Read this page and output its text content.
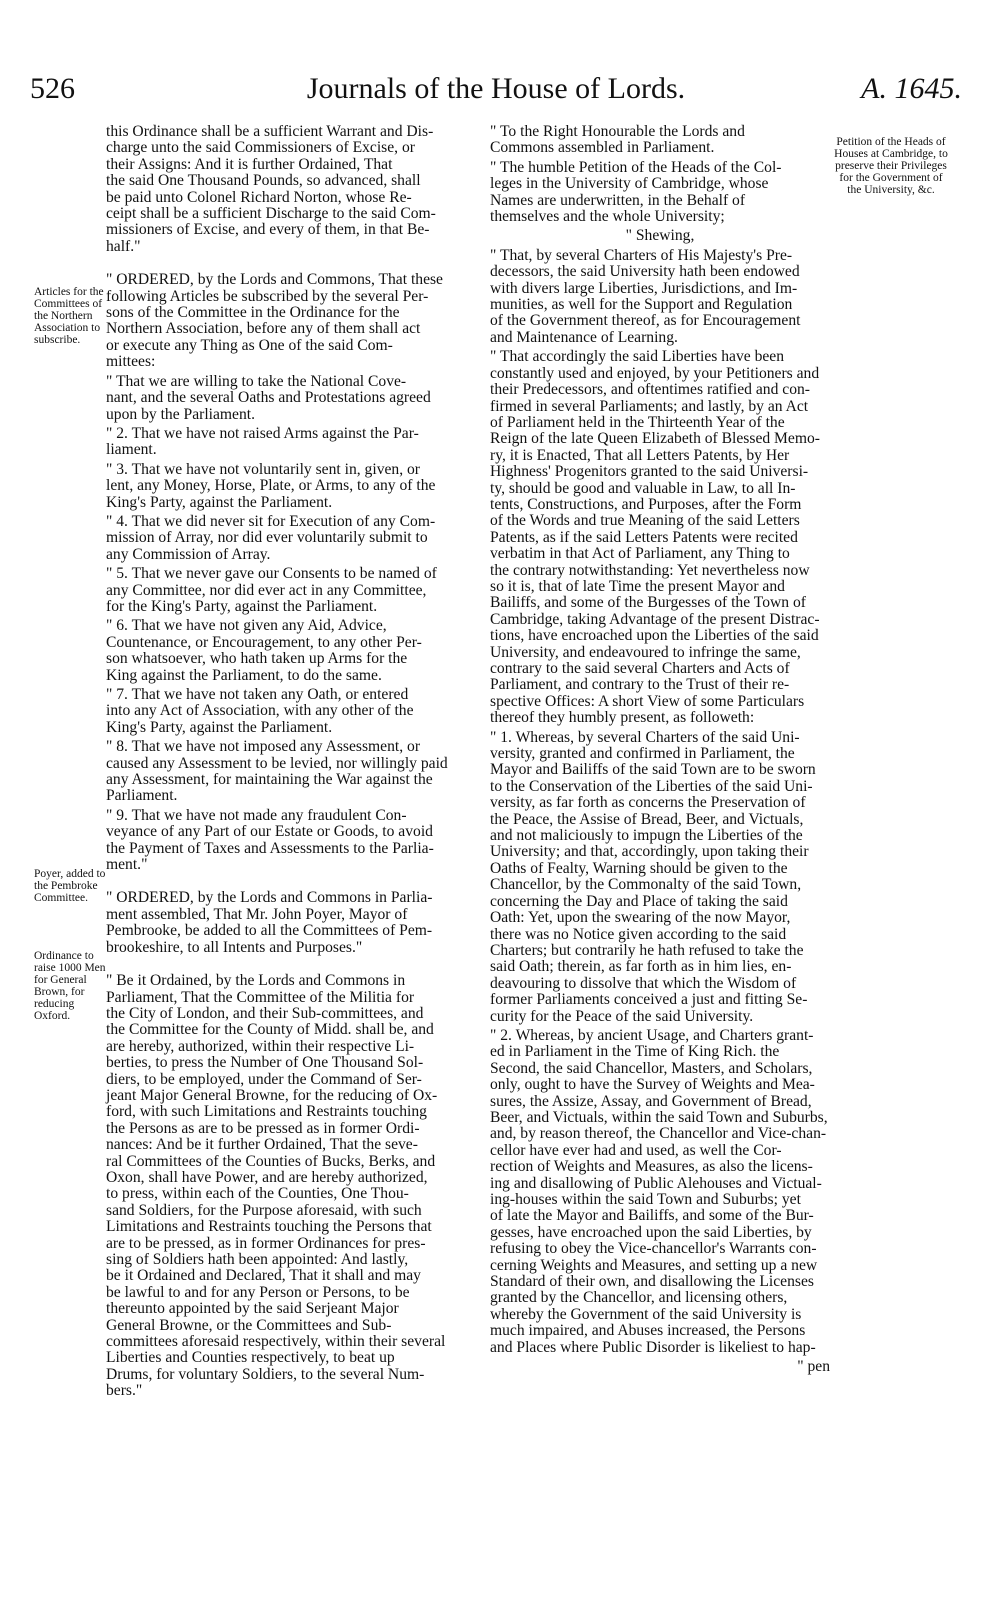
526	Journals of the House of Lords.	A. 1645.
Articles for the Committees of the Northern Association to subscribe.
Poyer, added to the Pembroke Committee.
Ordinance to raise 1000 Men for General Brown, for reducing Oxford.
Petition of the Heads of Houses at Cambridge, to preserve their Privileges for the Government of the University, &c.

this Ordinance shall be a sufficient Warrant and Dis-
charge unto the said Commissioners of Excise, or
their Assigns: And it is further Ordained, That
the said One Thousand Pounds, so advanced, shall
be paid unto Colonel Richard Norton, whose Re-
ceipt shall be a sufficient Discharge to the said Com-
missioners of Excise, and every of them, in that Be-
half."

" ORDERED, by the Lords and Commons, That these
following Articles be subscribed by the several Per-
sons of the Committee in the Ordinance for the
Northern Association, before any of them shall act
or execute any Thing as One of the said Com-
mittees:

" That we are willing to take the National Cove-
nant, and the several Oaths and Protestations agreed
upon by the Parliament.

" 2. That we have not raised Arms against the Par-
liament.

" 3. That we have not voluntarily sent in, given, or
lent, any Money, Horse, Plate, or Arms, to any of the
King's Party, against the Parliament.

" 4. That we did never sit for Execution of any Com-
mission of Array, nor did ever voluntarily submit to
any Commission of Array.

" 5. That we never gave our Consents to be named of
any Committee, nor did ever act in any Committee,
for the King's Party, against the Parliament.

" 6. That we have not given any Aid, Advice,
Countenance, or Encouragement, to any other Per-
son whatsoever, who hath taken up Arms for the
King against the Parliament, to do the same.

" 7. That we have not taken any Oath, or entered
into any Act of Association, with any other of the
King's Party, against the Parliament.

" 8. That we have not imposed any Assessment, or
caused any Assessment to be levied, nor willingly paid
any Assessment, for maintaining the War against the
Parliament.

" 9. That we have not made any fraudulent Con-
veyance of any Part of our Estate or Goods, to avoid
the Payment of Taxes and Assessments to the Parlia-
ment."

" ORDERED, by the Lords and Commons in Parlia-
ment assembled, That Mr. John Poyer, Mayor of
Pembrooke, be added to all the Committees of Pem-
brookeshire, to all Intents and Purposes."

" Be it Ordained, by the Lords and Commons in
Parliament, That the Committee of the Militia for
the City of London, and their Sub-committees, and
the Committee for the County of Midd. shall be, and
are hereby, authorized, within their respective Li-
berties, to press the Number of One Thousand Sol-
diers, to be employed, under the Command of Ser-
jeant Major General Browne, for the reducing of Ox-
ford, with such Limitations and Restraints touching
the Persons as are to be pressed as in former Ordi-
nances: And be it further Ordained, That the seve-
ral Committees of the Counties of Bucks, Berks, and
Oxon, shall have Power, and are hereby authorized,
to press, within each of the Counties, One Thou-
sand Soldiers, for the Purpose aforesaid, with such
Limitations and Restraints touching the Persons that
are to be pressed, as in former Ordinances for pres-
sing of Soldiers hath been appointed: And lastly,
be it Ordained and Declared, That it shall and may
be lawful to and for any Person or Persons, to be
thereunto appointed by the said Serjeant Major
General Browne, or the Committees and Sub-
committees aforesaid respectively, within their several
Liberties and Counties respectively, to beat up
Drums, for voluntary Soldiers, to the several Num-
bers."

" To the Right Honourable the Lords and
Commons assembled in Parliament.

" The humble Petition of the Heads of the Col-
leges in the University of Cambridge, whose
Names are underwritten, in the Behalf of
themselves and the whole University;

" Shewing,

" That, by several Charters of His Majesty's Pre-
decessors, the said University hath been endowed
with divers large Liberties, Jurisdictions, and Im-
munities, as well for the Support and Regulation
of the Government thereof, as for Encouragement
and Maintenance of Learning.

" That accordingly the said Liberties have been
constantly used and enjoyed, by your Petitioners and
their Predecessors, and oftentimes ratified and con-
firmed in several Parliaments; and lastly, by an Act
of Parliament held in the Thirteenth Year of the
Reign of the late Queen Elizabeth of Blessed Memo-
ry, it is Enacted, That all Letters Patents, by Her
Highness' Progenitors granted to the said Universi-
ty, should be good and valuable in Law, to all In-
tents, Constructions, and Purposes, after the Form
of the Words and true Meaning of the said Letters
Patents, as if the said Letters Patents were recited
verbatim in that Act of Parliament, any Thing to
the contrary notwithstanding: Yet nevertheless now
so it is, that of late Time the present Mayor and
Bailiffs, and some of the Burgesses of the Town of
Cambridge, taking Advantage of the present Distrac-
tions, have encroached upon the Liberties of the said
University, and endeavoured to infringe the same,
contrary to the said several Charters and Acts of
Parliament, and contrary to the Trust of their re-
spective Offices: A short View of some Particulars
thereof they humbly present, as followeth:

" 1. Whereas, by several Charters of the said Uni-
versity, granted and confirmed in Parliament, the
Mayor and Bailiffs of the said Town are to be sworn
to the Conservation of the Liberties of the said Uni-
versity, as far forth as concerns the Preservation of
the Peace, the Assise of Bread, Beer, and Victuals,
and not maliciously to impugn the Liberties of the
University; and that, accordingly, upon taking their
Oaths of Fealty, Warning should be given to the
Chancellor, by the Commonalty of the said Town,
concerning the Day and Place of taking the said
Oath: Yet, upon the swearing of the now Mayor,
there was no Notice given according to the said
Charters; but contrarily he hath refused to take the
said Oath; therein, as far forth as in him lies, en-
deavouring to dissolve that which the Wisdom of
former Parliaments conceived a just and fitting Se-
curity for the Peace of the said University.

" 2. Whereas, by ancient Usage, and Charters grant-
ed in Parliament in the Time of King Rich. the
Second, the said Chancellor, Masters, and Scholars,
only, ought to have the Survey of Weights and Mea-
sures, the Assize, Assay, and Government of Bread,
Beer, and Victuals, within the said Town and Suburbs,
and, by reason thereof, the Chancellor and Vice-chan-
cellor have ever had and used, as well the Cor-
rection of Weights and Measures, as also the licens-
ing and disallowing of Public Alehouses and Victual-
ing-houses within the said Town and Suburbs; yet
of late the Mayor and Bailiffs, and some of the Bur-
gesses, have encroached upon the said Liberties, by
refusing to obey the Vice-chancellor's Warrants con-
cerning Weights and Measures, and setting up a new
Standard of their own, and disallowing the Licenses
granted by the Chancellor, and licensing others,
whereby the Government of the said University is
much impaired, and Abuses increased, the Persons
and Places where Public Disorder is likeliest to hap-

" pen
